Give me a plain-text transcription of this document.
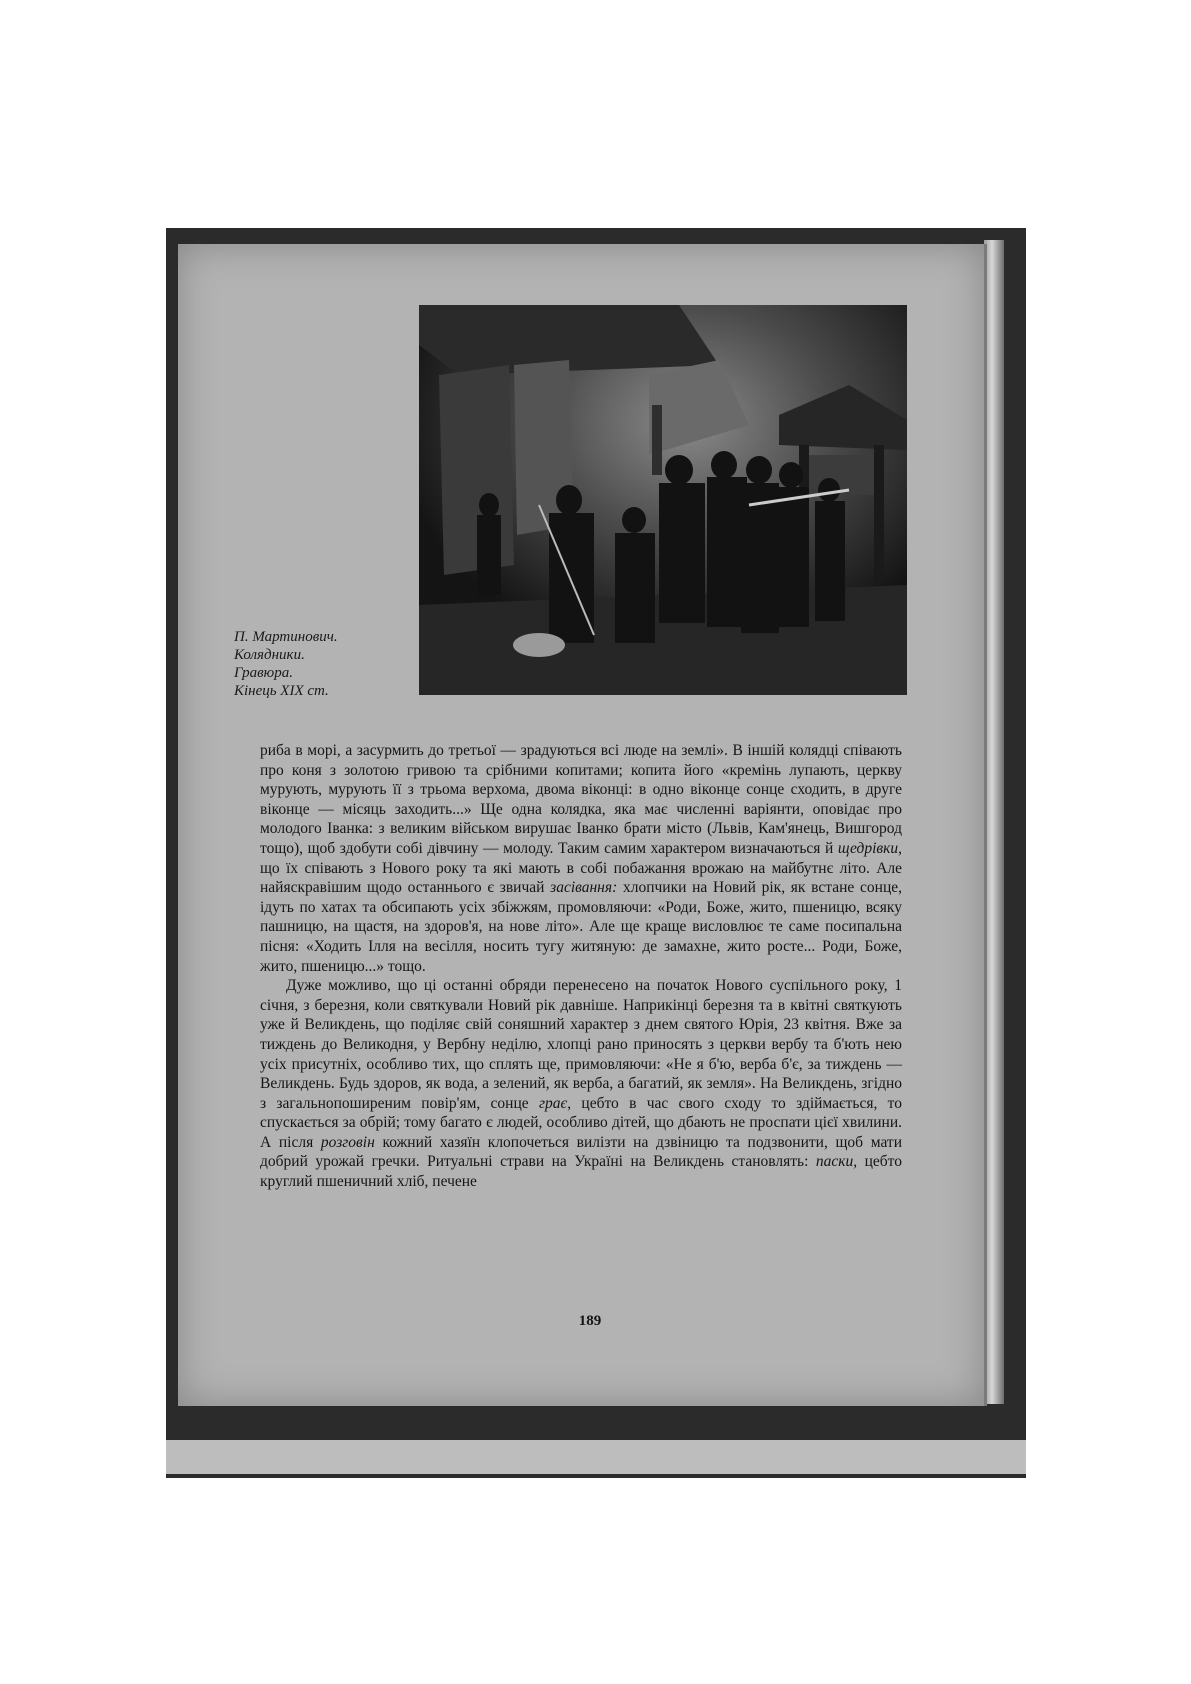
П. Мартинович.
Колядники.
Гравюра.
Кінець XIX ст.

риба в морі, а засурмить до третьої — зрадуються всі люде на землі». В іншій колядці співають про коня з золотою гривою та срібними копитами; копита його «кремінь лупають, церкву мурують, мурують її з трьома верхома, двома віконці: в одно віконце сонце сходить, в друге віконце — місяць заходить...» Ще одна колядка, яка має численні варіянти, оповідає про молодого Іванка: з великим військом вирушає Іванко брати місто (Львів, Кам'янець, Вишгород тощо), щоб здобути собі дівчину — молоду. Таким самим характером визначаються й щедрівки, що їх співають з Нового року та які мають в собі побажання врожаю на майбутнє літо. Але найяскравішим щодо останнього є звичай засівання: хлопчики на Новий рік, як встане сонце, ідуть по хатах та обсипають усіх збіжжям, промовляючи: «Роди, Боже, жито, пшеницю, всяку пашницю, на щастя, на здоров'я, на нове літо». Але ще краще висловлює те саме посипальна пісня: «Ходить Ілля на весілля, носить тугу житяную: де замахне, жито росте... Роди, Боже, жито, пшеницю...» тощо.

Дуже можливо, що ці останні обряди перенесено на початок Нового суспільного року, 1 січня, з березня, коли святкували Новий рік давніше. Наприкінці березня та в квітні святкують уже й Великдень, що поділяє свій соняшний характер з днем святого Юрія, 23 квітня. Вже за тиждень до Великодня, у Вербну неділю, хлопці рано приносять з церкви вербу та б'ють нею усіх присутніх, особливо тих, що сплять ще, примовляючи: «Не я б'ю, верба б'є, за тиждень — Великдень. Будь здоров, як вода, а зелений, як верба, а багатий, як земля». На Великдень, згідно з загальнопоширеним повір'ям, сонце грає, цебто в час свого сходу то здіймається, то спускається за обрій; тому багато є людей, особливо дітей, що дбають не проспати цієї хвилини. А після розговін кожний хазяїн клопочеться вилізти на дзвіницю та подзвонити, щоб мати добрий урожай гречки. Ритуальні страви на Україні на Великдень становлять: паски, цебто круглий пшеничний хліб, печене

189
